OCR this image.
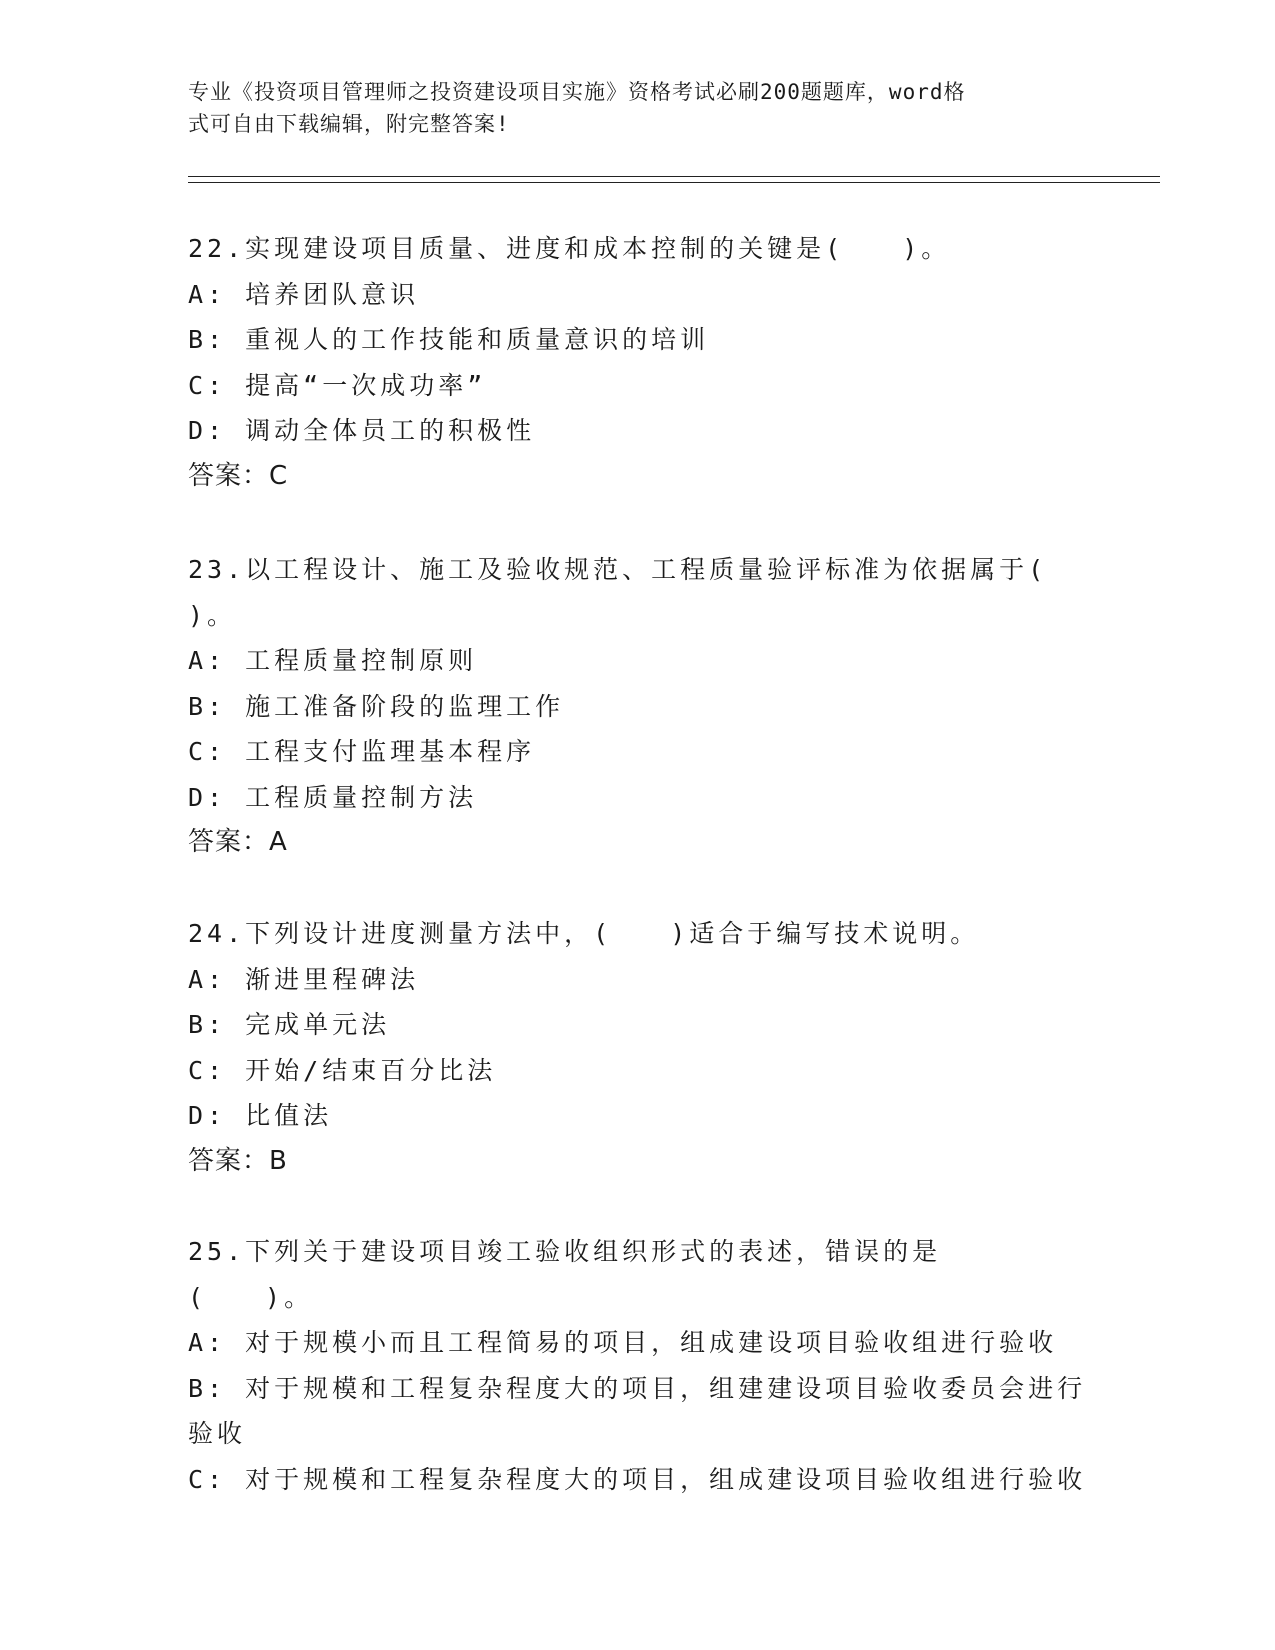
专业《投资项目管理师之投资建设项目实施》资格考试必刷200题题库，word格
式可自由下载编辑，附完整答案!
22.实现建设项目质量、进度和成本控制的关键是(　　)。
A: 培养团队意识
B: 重视人的工作技能和质量意识的培训
C: 提高“一次成功率”
D: 调动全体员工的积极性
答案：C
23.以工程设计、施工及验收规范、工程质量验评标准为依据属于(
)。
A: 工程质量控制原则
B: 施工准备阶段的监理工作
C: 工程支付监理基本程序
D: 工程质量控制方法
答案：A
24.下列设计进度测量方法中，(　　)适合于编写技术说明。
A: 渐进里程碑法
B: 完成单元法
C: 开始/结束百分比法
D: 比值法
答案：B
25.下列关于建设项目竣工验收组织形式的表述，错误的是(　　)。
A: 对于规模小而且工程简易的项目，组成建设项目验收组进行验收
B: 对于规模和工程复杂程度大的项目，组建建设项目验收委员会进行
验收
C: 对于规模和工程复杂程度大的项目，组成建设项目验收组进行验收
